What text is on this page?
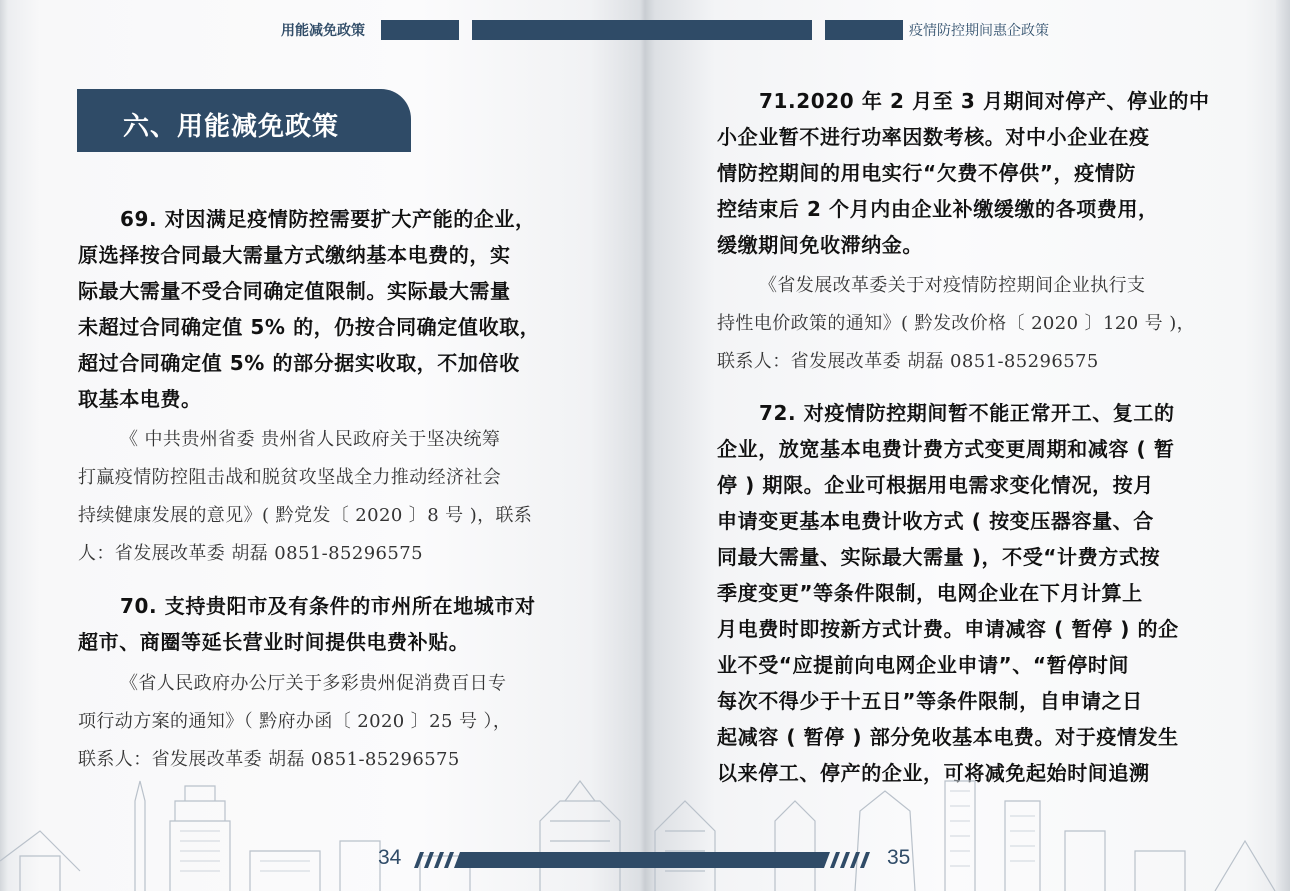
用能减免政策
六、用能减免政策
69. 对因满足疫情防控需要扩大产能的企业，
原选择按合同最大需量方式缴纳基本电费的，实
际最大需量不受合同确定值限制。实际最大需量
未超过合同确定值 5% 的，仍按合同确定值收取，
超过合同确定值 5% 的部分据实收取，不加倍收
取基本电费。
《 中共贵州省委 贵州省人民政府关于坚决统筹
打赢疫情防控阻击战和脱贫攻坚战全力推动经济社会
持续健康发展的意见》( 黔党发〔 2020 〕8 号 )，联系
人：省发展改革委 胡磊 0851-85296575
70. 支持贵阳市及有条件的市州所在地城市对
超市、商圈等延长营业时间提供电费补贴。
《省人民政府办公厅关于多彩贵州促消费百日专
项行动方案的通知》（ 黔府办函〔 2020 〕25 号 ），
联系人：省发展改革委 胡磊 0851-85296575
34
疫情防控期间惠企政策
71.2020 年 2 月至 3 月期间对停产、停业的中
小企业暂不进行功率因数考核。对中小企业在疫
情防控期间的用电实行“欠费不停供”，疫情防
控结束后 2 个月内由企业补缴缓缴的各项费用，
缓缴期间免收滞纳金。
《省发展改革委关于对疫情防控期间企业执行支
持性电价政策的通知》( 黔发改价格〔 2020 〕120 号 )，
联系人：省发展改革委 胡磊 0851-85296575
72. 对疫情防控期间暂不能正常开工、复工的
企业，放宽基本电费计费方式变更周期和减容 ( 暂
停 ) 期限。企业可根据用电需求变化情况，按月
申请变更基本电费计收方式 ( 按变压器容量、合
同最大需量、实际最大需量 )，不受“计费方式按
季度变更”等条件限制，电网企业在下月计算上
月电费时即按新方式计费。申请减容 ( 暂停 ) 的企
业不受“应提前向电网企业申请”、“暂停时间
每次不得少于十五日”等条件限制，自申请之日
起减容 ( 暂停 ) 部分免收基本电费。对于疫情发生
以来停工、停产的企业，可将减免起始时间追溯
35
